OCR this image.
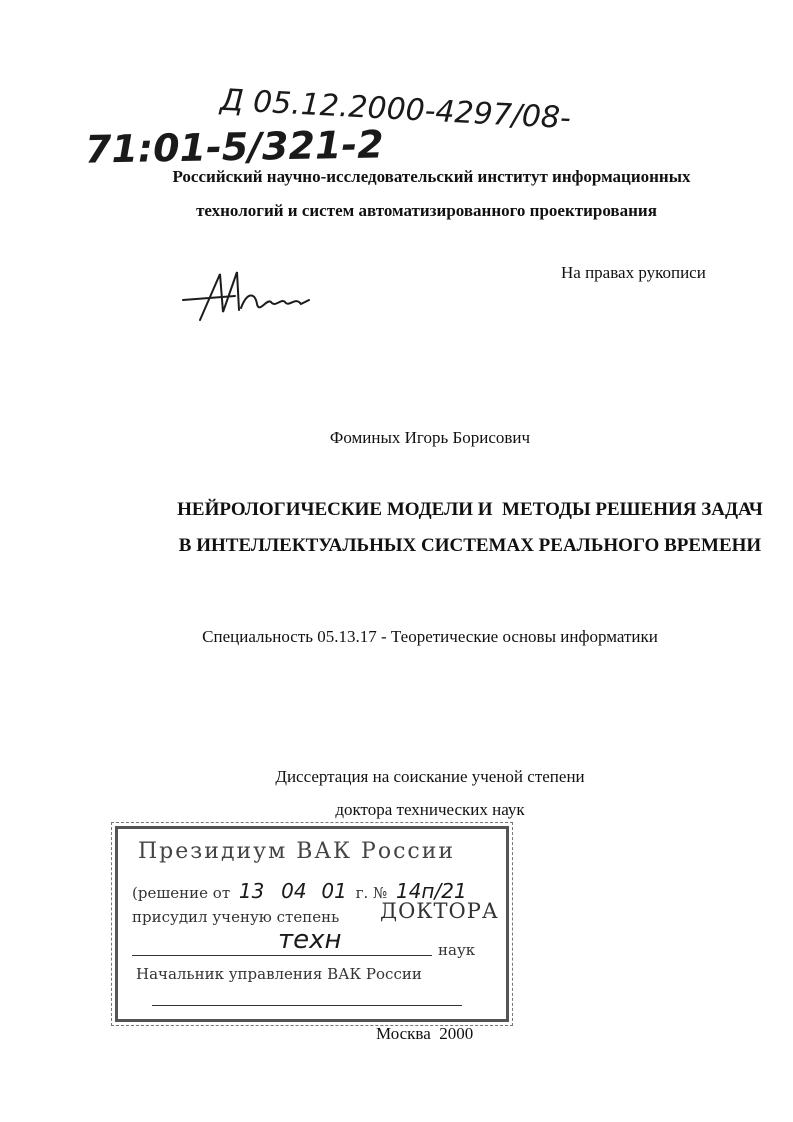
Д 05.12.2000-4297/08-
71:01-5/321-2
Российский научно-исследовательский институт информационных
технологий и систем автоматизированного проектирования
На правах рукописи
Фоминых Игорь Борисович
НЕЙРОЛОГИЧЕСКИЕ МОДЕЛИ И  МЕТОДЫ РЕШЕНИЯ ЗАДАЧ
В ИНТЕЛЛЕКТУАЛЬНЫХ СИСТЕМАХ РЕАЛЬНОГО ВРЕМЕНИ
Специальность 05.13.17 - Теоретические основы информатики
Диссертация на соискание ученой степени
доктора технических наук
Президиум ВАК России
(решение от 13 04 01 г. № 14п/21
присудил ученую степень ДОКТОРА
техн	наук
Начальник управления ВАК России
Москва  2000
